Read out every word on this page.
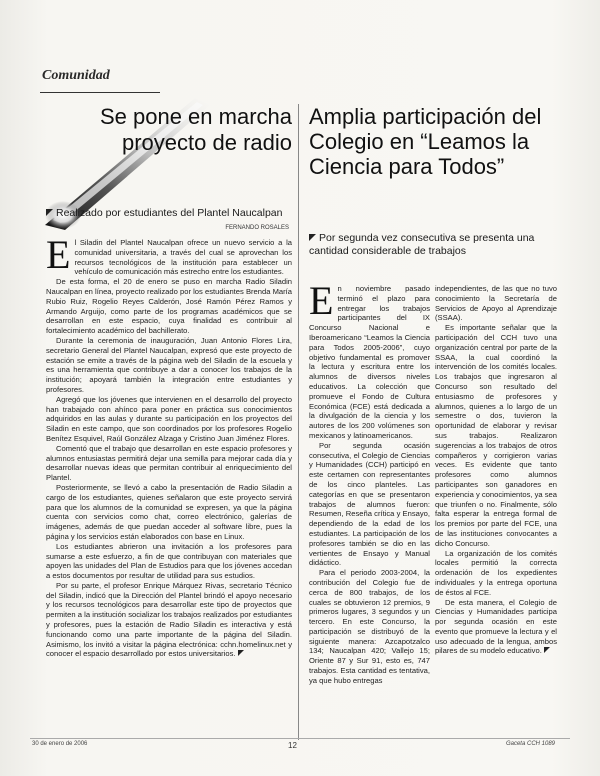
Comunidad
Se pone en marcha proyecto de radio
Amplia participación del Colegio en “Leamos la Ciencia para Todos”
Realizado por estudiantes del Plantel Naucalpan
FERNANDO ROSALES
Por segunda vez consecutiva se presenta una cantidad considerable de trabajos

El Siladin del Plantel Naucalpan ofrece un nuevo servicio a la comunidad universitaria, a través del cual se aprovechan los recursos tecnológicos de la institución para establecer un vehículo de comunicación más estrecho entre los estudiantes.

De esta forma, el 20 de enero se puso en marcha Radio Siladin Naucalpan en línea, proyecto realizado por los estudiantes Brenda María Rubio Ruiz, Rogelio Reyes Calderón, José Ramón Pérez Ramos y Armando Arguijo, como parte de los programas académicos que se desarrollan en este espacio, cuya finalidad es contribuir al fortalecimiento académico del bachillerato.

Durante la ceremonia de inauguración, Juan Antonio Flores Lira, secretario General del Plantel Naucalpan, expresó que este proyecto de estación se emite a través de la página web del Siladin de la escuela y es una herramienta que contribuye a dar a conocer los trabajos de la institución; apoyará también la integración entre estudiantes y profesores.

Agregó que los jóvenes que intervienen en el desarrollo del proyecto han trabajado con ahínco para poner en práctica sus conocimientos adquiridos en las aulas y durante su participación en los proyectos del Siladin en este campo, que son coordinados por los profesores Rogelio Benítez Esquivel, Raúl González Alzaga y Cristino Juan Jiménez Flores.

Comentó que el trabajo que desarrollan en este espacio profesores y alumnos entusiastas permitirá dejar una semilla para mejorar cada día y desarrollar nuevas ideas que permitan contribuir al enriquecimiento del Plantel.

Posteriormente, se llevó a cabo la presentación de Radio Siladin a cargo de los estudiantes, quienes señalaron que este proyecto servirá para que los alumnos de la comunidad se expresen, ya que la página cuenta con servicios como chat, correo electrónico, galerías de imágenes, además de que puedan acceder al software libre, pues la página y los servicios están elaborados con base en Linux.

Los estudiantes abrieron una invitación a los profesores para sumarse a este esfuerzo, a fin de que contribuyan con materiales que apoyen las unidades del Plan de Estudios para que los jóvenes accedan a estos documentos por resultar de utilidad para sus estudios.

Por su parte, el profesor Enrique Márquez Rivas, secretario Técnico del Siladin, indicó que la Dirección del Plantel brindó el apoyo necesario y los recursos tecnológicos para desarrollar este tipo de proyectos que permiten a la institución socializar los trabajos realizados por estudiantes y profesores, pues la estación de Radio Siladin es interactiva y está funcionando como una parte importante de la página del Siladin. Asimismo, los invitó a visitar la página electrónica: cchn.homelinux.net y conocer el espacio desarrollado por estos universitarios.

En noviembre pasado terminó el plazo para entregar los trabajos participantes del IX Concurso Nacional e Iberoamericano “Leamos la Ciencia para Todos 2005-2006”, cuyo objetivo fundamental es promover la lectura y escritura entre los alumnos de diversos niveles educativos. La colección que promueve el Fondo de Cultura Económica (FCE) está dedicada a la divulgación de la ciencia y los autores de los 200 volúmenes son mexicanos y latinoamericanos.

Por segunda ocasión consecutiva, el Colegio de Ciencias y Humanidades (CCH) participó en este certamen con representantes de los cinco planteles. Las categorías en que se presentaron trabajos de alumnos fueron: Resumen, Reseña crítica y Ensayo, dependiendo de la edad de los estudiantes. La participación de los profesores también se dio en las vertientes de Ensayo y Manual didáctico.

Para el periodo 2003-2004, la contribución del Colegio fue de cerca de 800 trabajos, de los cuales se obtuvieron 12 premios, 9 primeros lugares, 3 segundos y un tercero. En este Concurso, la participación se distribuyó de la siguiente manera: Azcapotzalco 134; Naucalpan 420; Vallejo 15; Oriente 87 y Sur 91, esto es, 747 trabajos. Esta cantidad es tentativa, ya que hubo entregas

independientes, de las que no tuvo conocimiento la Secretaría de Servicios de Apoyo al Aprendizaje (SSAA).

Es importante señalar que la participación del CCH tuvo una organización central por parte de la SSAA, la cual coordinó la intervención de los comités locales. Los trabajos que ingresaron al Concurso son resultado del entusiasmo de profesores y alumnos, quienes a lo largo de un semestre o dos, tuvieron la oportunidad de elaborar y revisar sus trabajos. Realizaron sugerencias a los trabajos de otros compañeros y corrigieron varias veces. Es evidente que tanto profesores como alumnos participantes son ganadores en experiencia y conocimientos, ya sea que triunfen o no. Finalmente, sólo falta esperar la entrega formal de los premios por parte del FCE, una de las instituciones convocantes a dicho Concurso.

La organización de los comités locales permitió la correcta ordenación de los expedientes individuales y la entrega oportuna de éstos al FCE.

De esta manera, el Colegio de Ciencias y Humanidades participa por segunda ocasión en este evento que promueve la lectura y el uso adecuado de la lengua, ambos pilares de su modelo educativo.

30 de enero de 2006	12	Gaceta CCH 1089
